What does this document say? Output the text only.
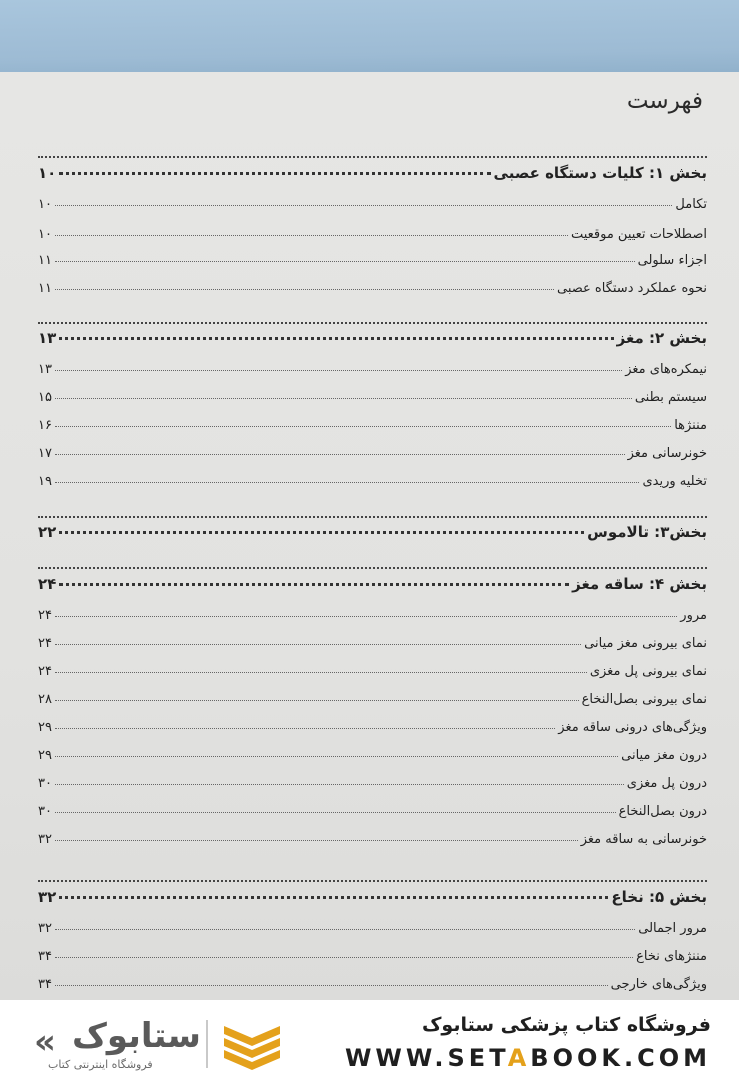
فهرست
بخش ۱: کلیات دستگاه عصبی
۱۰
تکامل
۱۰
اصطلاحات تعیین موقعیت
۱۰
اجزاء سلولی
۱۱
نحوه عملکرد دستگاه عصبی
۱۱
بخش ۲: مغز
۱۳
نیمکره‌های مغز
۱۳
سیستم بطنی
۱۵
مننژها
۱۶
خونرسانی مغز
۱۷
تخلیه وریدی
۱۹
بخش۳: تالاموس
۲۲
بخش ۴: ساقه مغز
۲۴
مرور
۲۴
نمای بیرونی مغز میانی
۲۴
نمای بیرونی پل مغزی
۲۴
نمای بیرونی بصل‌النخاع
۲۸
ویژگی‌های درونی ساقه مغز
۲۹
درون مغز میانی
۲۹
درون پل مغزی
۳۰
درون بصل‌النخاع
۳۰
خونرسانی به ساقه مغز
۳۲
بخش ۵: نخاع
۳۲
مرور اجمالی
۳۲
مننژهای نخاع
۳۴
ویژگی‌های خارجی
۳۴
« ستابوک
فروشگاه اینترنتی کتاب
فروشگاه کتاب پزشکی ستابوک
WWW.SETABOOK.COM
